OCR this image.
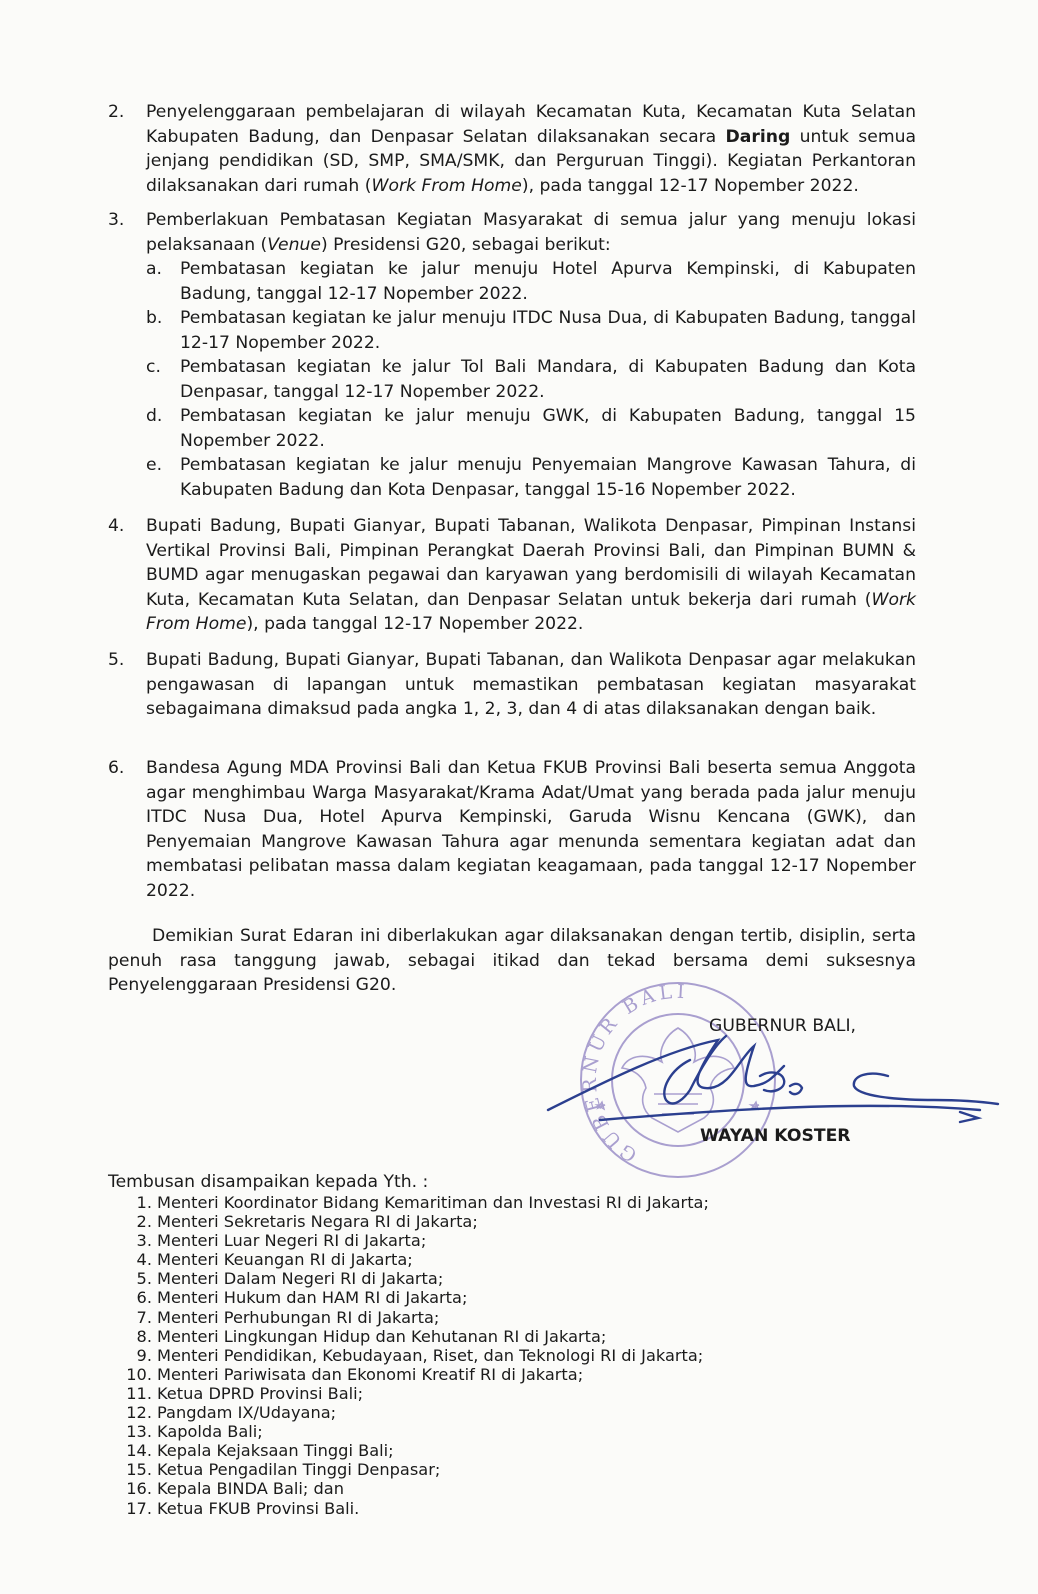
2. Penyelenggaraan pembelajaran di wilayah Kecamatan Kuta, Kecamatan Kuta Selatan Kabupaten Badung, dan Denpasar Selatan dilaksanakan secara Daring untuk semua jenjang pendidikan (SD, SMP, SMA/SMK, dan Perguruan Tinggi). Kegiatan Perkantoran dilaksanakan dari rumah (Work From Home), pada tanggal 12-17 Nopember 2022.
3. Pemberlakuan Pembatasan Kegiatan Masyarakat di semua jalur yang menuju lokasi pelaksanaan (Venue) Presidensi G20, sebagai berikut:
a. Pembatasan kegiatan ke jalur menuju Hotel Apurva Kempinski, di Kabupaten Badung, tanggal 12-17 Nopember 2022.
b. Pembatasan kegiatan ke jalur menuju ITDC Nusa Dua, di Kabupaten Badung, tanggal 12-17 Nopember 2022.
c. Pembatasan kegiatan ke jalur Tol Bali Mandara, di Kabupaten Badung dan Kota Denpasar, tanggal 12-17 Nopember 2022.
d. Pembatasan kegiatan ke jalur menuju GWK, di Kabupaten Badung, tanggal 15 Nopember 2022.
e. Pembatasan kegiatan ke jalur menuju Penyemaian Mangrove Kawasan Tahura, di Kabupaten Badung dan Kota Denpasar, tanggal 15-16 Nopember 2022.
4. Bupati Badung, Bupati Gianyar, Bupati Tabanan, Walikota Denpasar, Pimpinan Instansi Vertikal Provinsi Bali, Pimpinan Perangkat Daerah Provinsi Bali, dan Pimpinan BUMN & BUMD agar menugaskan pegawai dan karyawan yang berdomisili di wilayah Kecamatan Kuta, Kecamatan Kuta Selatan, dan Denpasar Selatan untuk bekerja dari rumah (Work From Home), pada tanggal 12-17 Nopember 2022.
5. Bupati Badung, Bupati Gianyar, Bupati Tabanan, dan Walikota Denpasar agar melakukan pengawasan di lapangan untuk memastikan pembatasan kegiatan masyarakat sebagaimana dimaksud pada angka 1, 2, 3, dan 4 di atas dilaksanakan dengan baik.
6. Bandesa Agung MDA Provinsi Bali dan Ketua FKUB Provinsi Bali beserta semua Anggota agar menghimbau Warga Masyarakat/Krama Adat/Umat yang berada pada jalur menuju ITDC Nusa Dua, Hotel Apurva Kempinski, Garuda Wisnu Kencana (GWK), dan Penyemaian Mangrove Kawasan Tahura agar menunda sementara kegiatan adat dan membatasi pelibatan massa dalam kegiatan keagamaan, pada tanggal 12-17 Nopember 2022.
Demikian Surat Edaran ini diberlakukan agar dilaksanakan dengan tertib, disiplin, serta penuh rasa tanggung jawab, sebagai itikad dan tekad bersama demi suksesnya Penyelenggaraan Presidensi G20.
GUBERNUR BALI
GUBERNUR BALI,
WAYAN KOSTER
Tembusan disampaikan kepada Yth. :
1. Menteri Koordinator Bidang Kemaritiman dan Investasi RI di Jakarta;
2. Menteri Sekretaris Negara RI di Jakarta;
3. Menteri Luar Negeri RI di Jakarta;
4. Menteri Keuangan RI di Jakarta;
5. Menteri Dalam Negeri RI di Jakarta;
6. Menteri Hukum dan HAM RI di Jakarta;
7. Menteri Perhubungan RI di Jakarta;
8. Menteri Lingkungan Hidup dan Kehutanan RI di Jakarta;
9. Menteri Pendidikan, Kebudayaan, Riset, dan Teknologi RI di Jakarta;
10. Menteri Pariwisata dan Ekonomi Kreatif RI di Jakarta;
11. Ketua DPRD Provinsi Bali;
12. Pangdam IX/Udayana;
13. Kapolda Bali;
14. Kepala Kejaksaan Tinggi Bali;
15. Ketua Pengadilan Tinggi Denpasar;
16. Kepala BINDA Bali; dan
17. Ketua FKUB Provinsi Bali.
